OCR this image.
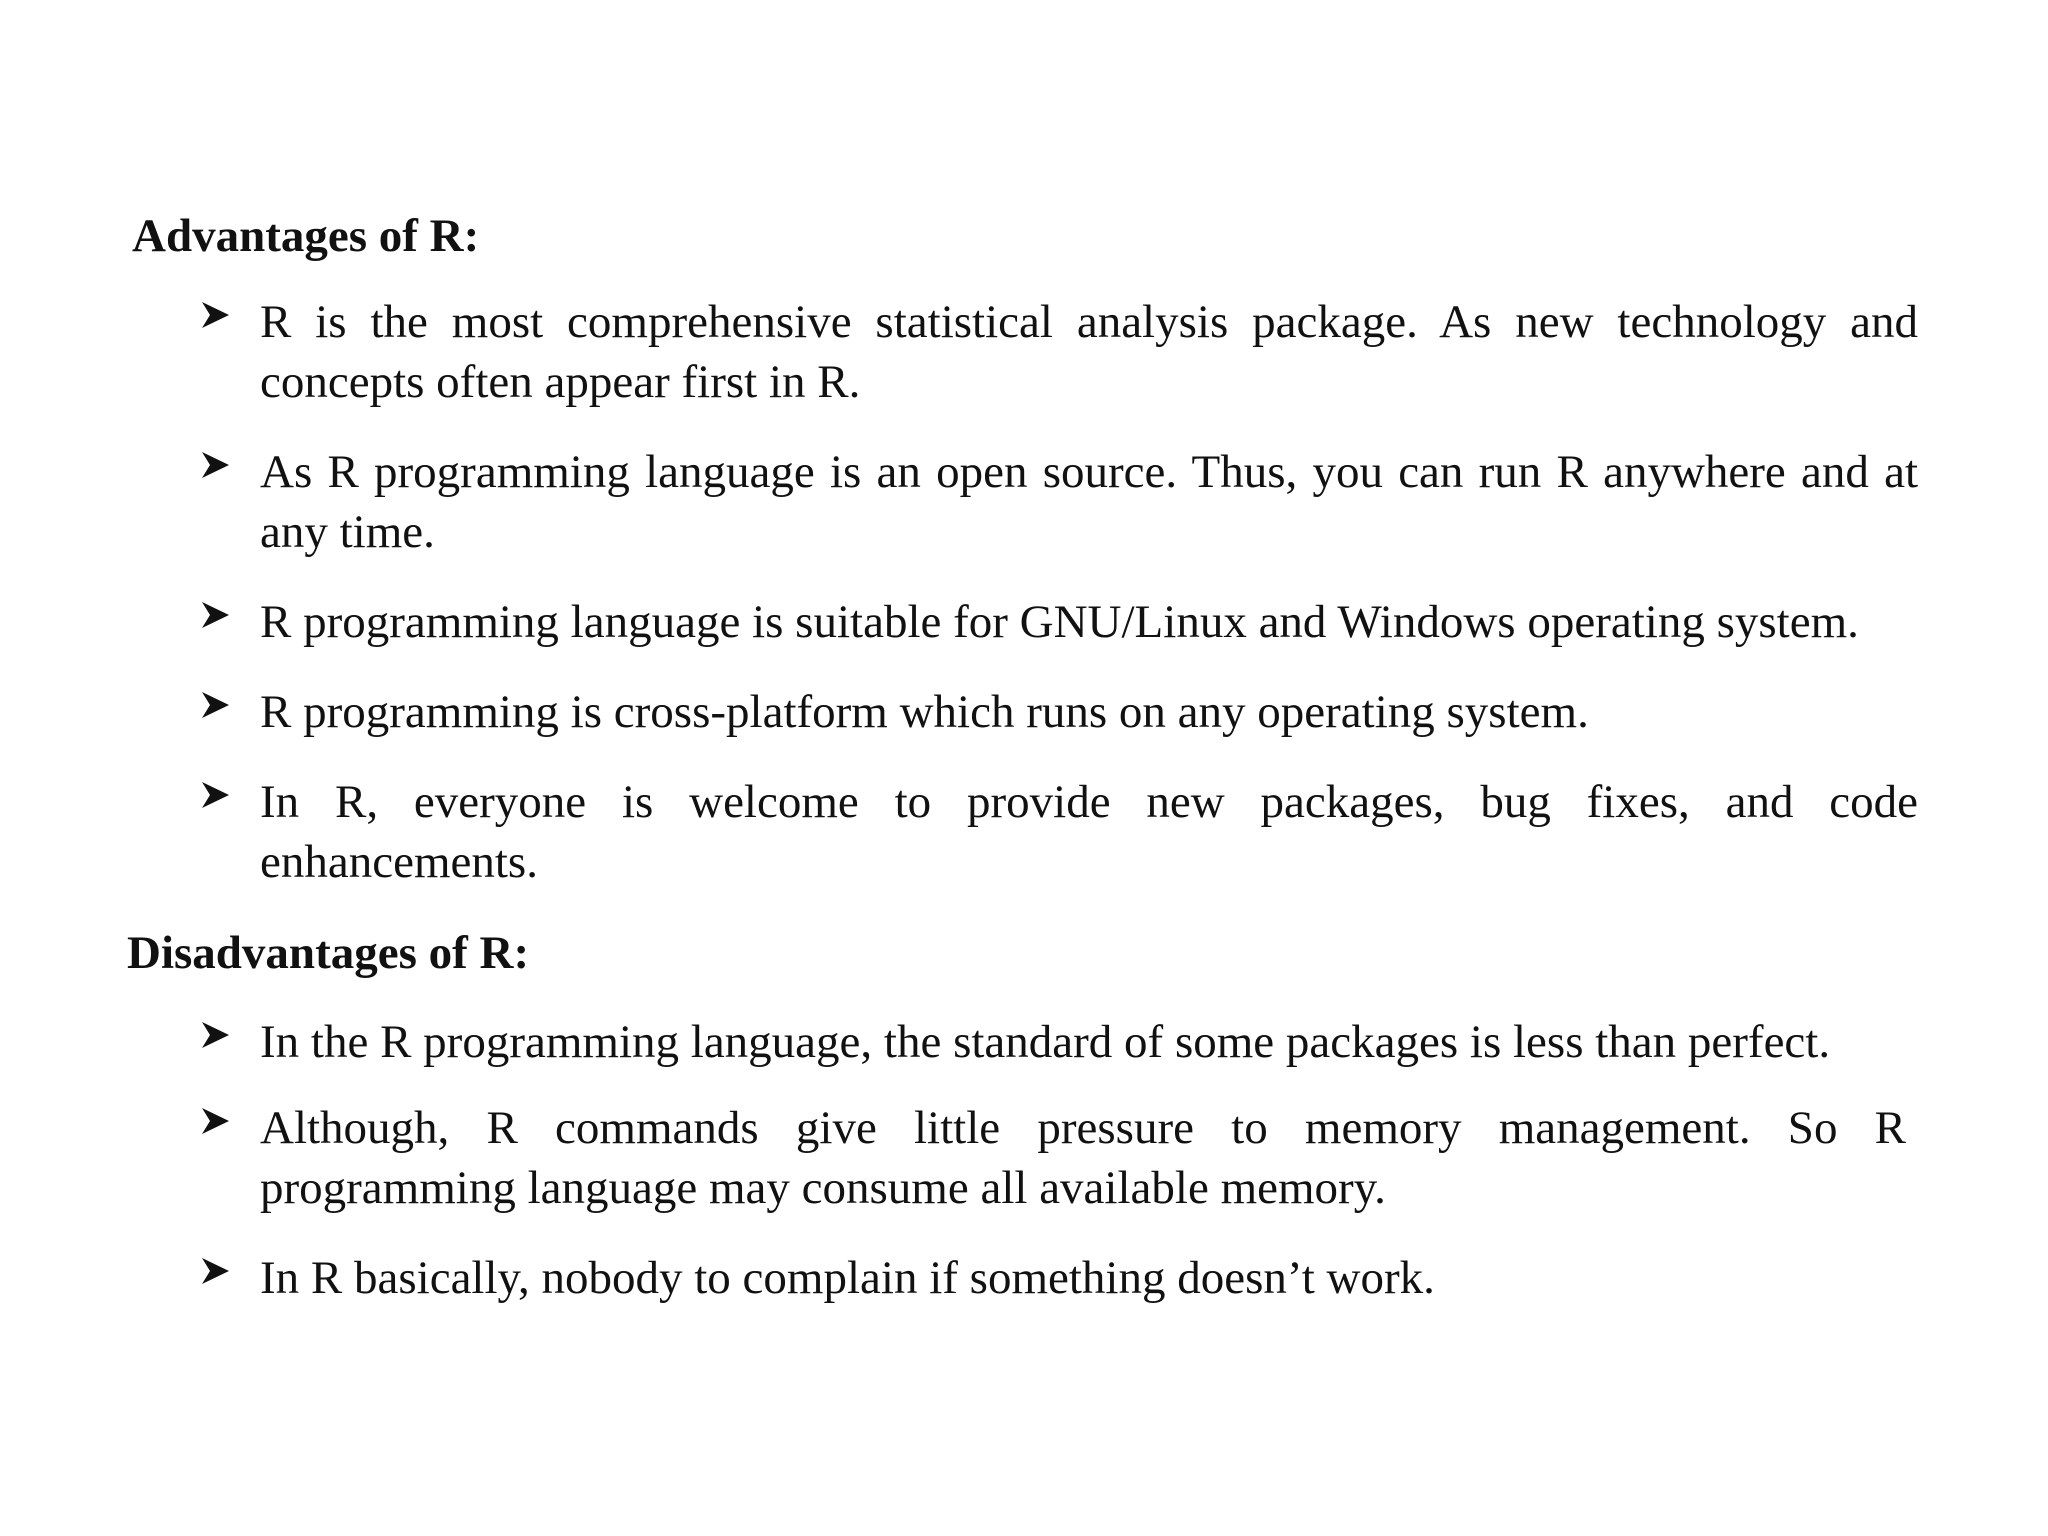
Advantages of R:
R is the most comprehensive statistical analysis package. As new technology and concepts often appear first in R.
As R programming language is an open source. Thus, you can run R anywhere and at any time.
R programming language is suitable for GNU/Linux and Windows operating system.
R programming is cross-platform which runs on any operating system.
In R, everyone is welcome to provide new packages, bug fixes, and code enhancements.
Disadvantages of R:
In the R programming language, the standard of some packages is less than perfect.
Although, R commands give little pressure to memory management. So R programming language may consume all available memory.
In R basically, nobody to complain if something doesn’t work.
